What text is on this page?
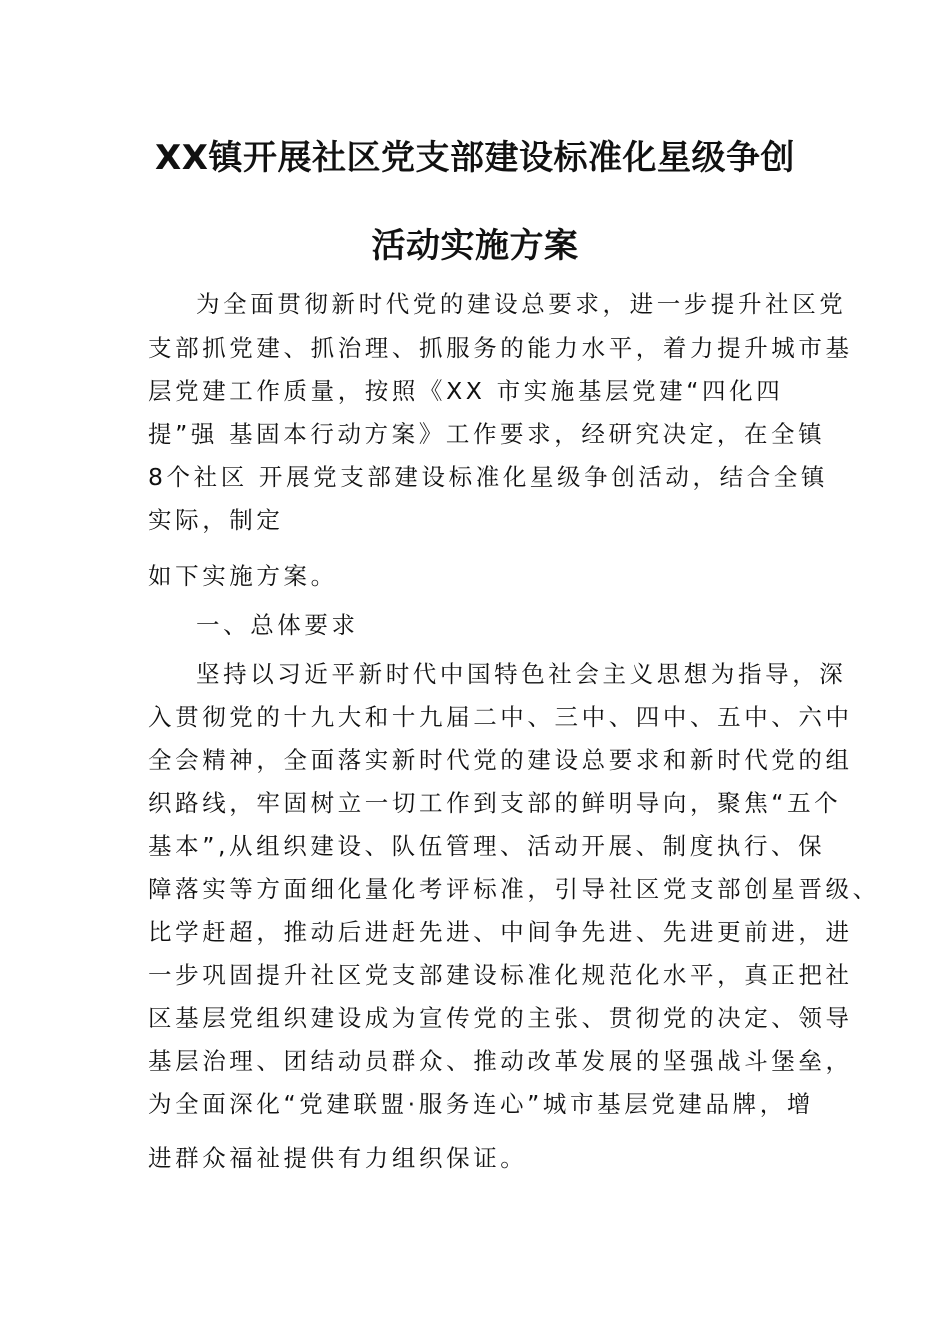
XX镇开展社区党支部建设标准化星级争创
活动实施方案
为全面贯彻新时代党的建设总要求，进一步提升社区党
支部抓党建、抓治理、抓服务的能力水平，着力提升城市基
层党建工作质量，按照《XX 市实施基层党建“四化四
提”强 基固本行动方案》工作要求，经研究决定，在全镇
8个社区 开展党支部建设标准化星级争创活动，结合全镇
实际，制定
如下实施方案。
一、总体要求
坚持以习近平新时代中国特色社会主义思想为指导，深
入贯彻党的十九大和十九届二中、三中、四中、五中、六中
全会精神，全面落实新时代党的建设总要求和新时代党的组
织路线，牢固树立一切工作到支部的鲜明导向，聚焦“五个
基本”,从组织建设、队伍管理、活动开展、制度执行、保
障落实等方面细化量化考评标准，引导社区党支部创星晋级、
比学赶超，推动后进赶先进、中间争先进、先进更前进，进
一步巩固提升社区党支部建设标准化规范化水平，真正把社
区基层党组织建设成为宣传党的主张、贯彻党的决定、领导
基层治理、团结动员群众、推动改革发展的坚强战斗堡垒，
为全面深化“党建联盟·服务连心”城市基层党建品牌，增
进群众福祉提供有力组织保证。
